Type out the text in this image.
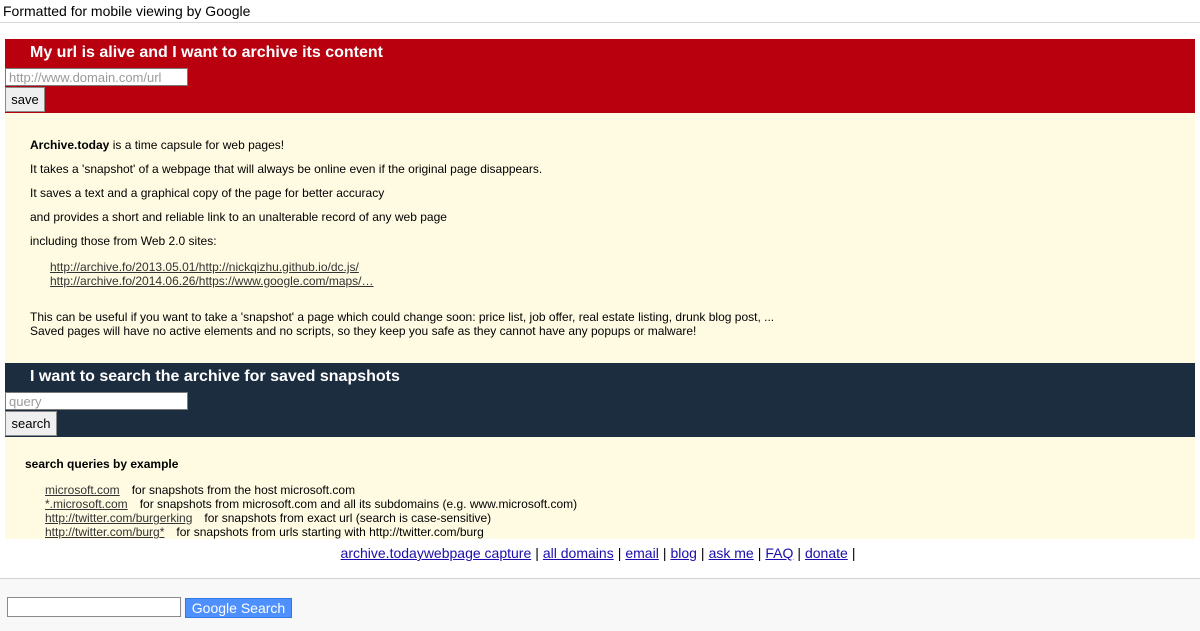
Formatted for mobile viewing by Google
My url is alive and I want to archive its content
http://www.domain.com/url
save

Archive.today is a time capsule for web pages!

It takes a 'snapshot' of a webpage that will always be online even if the original page disappears.

It saves a text and a graphical copy of the page for better accuracy

and provides a short and reliable link to an unalterable record of any web page

including those from Web 2.0 sites:

http://archive.fo/2013.05.01/http://nickqizhu.github.io/dc.js/
http://archive.fo/2014.06.26/https://www.google.com/maps/…

This can be useful if you want to take a 'snapshot' a page which could change soon: price list, job offer, real estate listing, drunk blog post, ...

Saved pages will have no active elements and no scripts, so they keep you safe as they cannot have any popups or malware!

I want to search the archive for saved snapshots
query
search
search queries by example
microsoft.com for snapshots from the host microsoft.com
*.microsoft.com for snapshots from microsoft.com and all its subdomains (e.g. www.microsoft.com)
http://twitter.com/burgerking for snapshots from exact url (search is case-sensitive)
http://twitter.com/burg* for snapshots from urls starting with http://twitter.com/burg
archive.todaywebpage capture | all domains | email | blog | ask me | FAQ | donate |
Google Search
